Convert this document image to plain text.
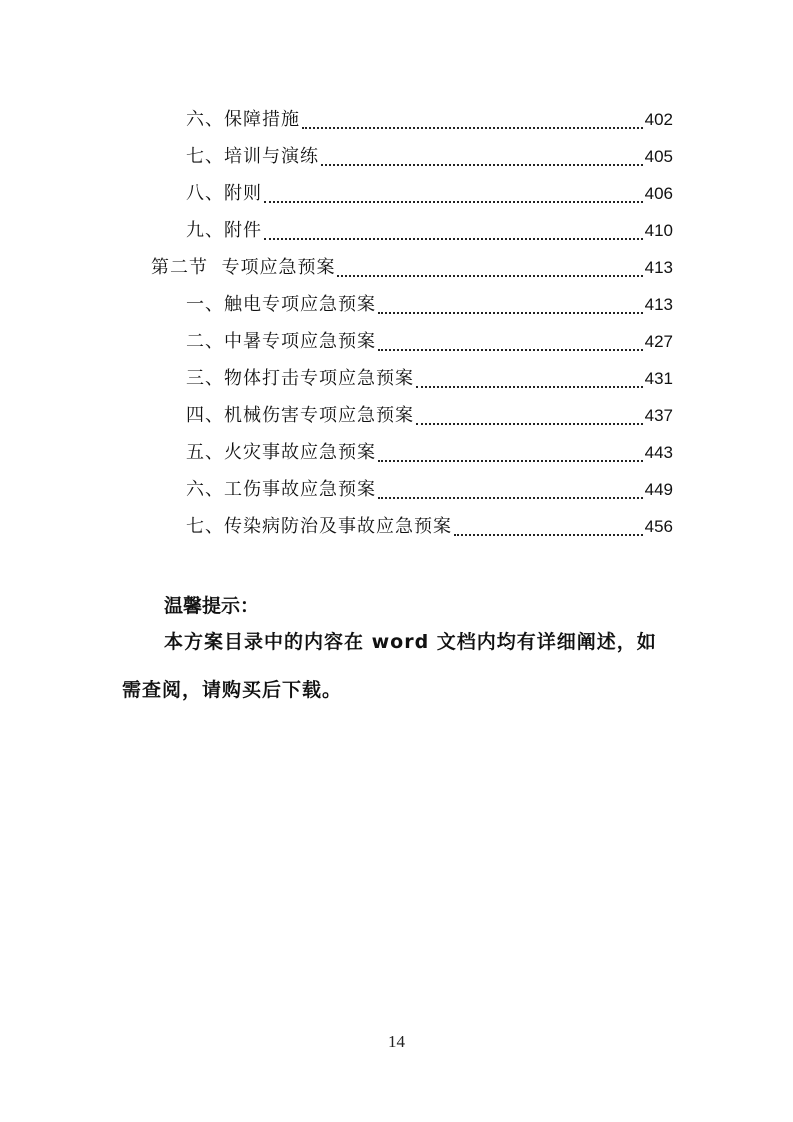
六、保障措施	402
七、培训与演练	405
八、附则	406
九、附件	410
第二节  专项应急预案	413
一、触电专项应急预案	413
二、中暑专项应急预案	427
三、物体打击专项应急预案	431
四、机械伤害专项应急预案	437
五、火灾事故应急预案	443
六、工伤事故应急预案	449
七、传染病防治及事故应急预案	456
温馨提示：
本方案目录中的内容在 word 文档内均有详细阐述，如
需查阅，请购买后下载。
14
